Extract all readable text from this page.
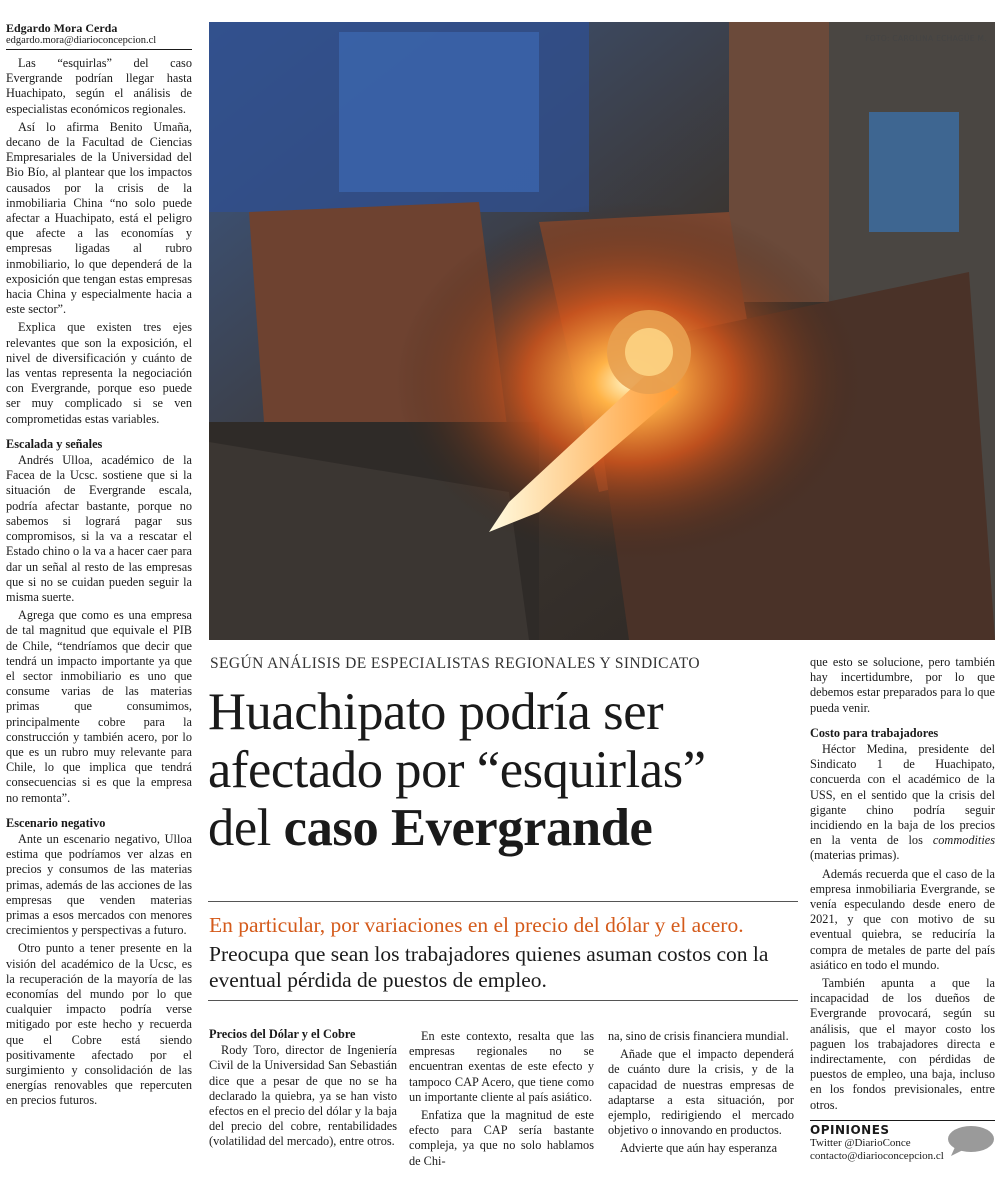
Edgardo Mora Cerda
edgardo.mora@diarioconcepcion.cl

Las “esquirlas” del caso Evergrande podrían llegar hasta Huachipato, según el análisis de especialistas económicos regionales.

Así lo afirma Benito Umaña, decano de la Facultad de Ciencias Empresariales de la Universidad del Bio Bío, al plantear que los impactos causados por la crisis de la inmobiliaria China “no solo puede afectar a Huachipato, está el peligro que afecte a las economías y empresas ligadas al rubro inmobiliario, lo que dependerá de la exposición que tengan estas empresas hacia China y especialmente hacia a este sector”.

Explica que existen tres ejes relevantes que son la exposición, el nivel de diversificación y cuánto de las ventas representa la negociación con Evergrande, porque eso puede ser muy complicado si se ven comprometidas estas variables.

Escalada y señales

Andrés Ulloa, académico de la Facea de la Ucsc. sostiene que si la situación de Evergrande escala, podría afectar bastante, porque no sabemos si logrará pagar sus compromisos, si la va a rescatar el Estado chino o la va a hacer caer para dar un señal al resto de las empresas que si no se cuidan pueden seguir la misma suerte.

Agrega que como es una empresa de tal magnitud que equivale el PIB de Chile, “tendríamos que decir que tendrá un impacto importante ya que el sector inmobiliario es uno que consume varias de las materias primas que consumimos, principalmente cobre para la construcción y también acero, por lo que es un rubro muy relevante para Chile, lo que implica que tendrá consecuencias si es que la empresa no remonta”.

Escenario negativo

Ante un escenario negativo, Ulloa estima que podríamos ver alzas en precios y consumos de las materias primas, además de las acciones de las empresas que venden materias primas a esos mercados con menores crecimientos y perspectivas a futuro.

Otro punto a tener presente en la visión del académico de la Ucsc, es la recuperación de la mayoría de las economías del mundo por lo que cualquier impacto podría verse mitigado por este hecho y recuerda que el Cobre está siendo positivamente afectado por el surgimiento y consolidación de las energías renovables que repercuten en precios futuros.

FOTO: CAROLINA ECHAGÜE M.
SEGÚN ANÁLISIS DE ESPECIALISTAS REGIONALES Y SINDICATO
Huachipato podría ser
afectado por “esquirlas”
del caso Evergrande
En particular, por variaciones en el precio del dólar y el acero.
Preocupa que sean los trabajadores quienes asuman costos con la eventual pérdida de puestos de empleo.
Precios del Dólar y el Cobre

Rody Toro, director de Ingeniería Civil de la Universidad San Sebastián dice que a pesar de que no se ha declarado la quiebra, ya se han visto efectos en el precio del dólar y la baja del precio del cobre, rentabilidades (volatilidad del mercado), entre otros.

En este contexto, resalta que las empresas regionales no se encuentran exentas de este efecto y tampoco CAP Acero, que tiene como un importante cliente al país asiático.

Enfatiza que la magnitud de este efecto para CAP sería bastante compleja, ya que no solo hablamos de Chi-

na, sino de crisis financiera mundial.

Añade que el impacto dependerá de cuánto dure la crisis, y de la capacidad de nuestras empresas de adaptarse a esta situación, por ejemplo, redirigiendo el mercado objetivo o innovando en productos.

Advierte que aún hay esperanza

que esto se solucione, pero también hay incertidumbre, por lo que debemos estar preparados para lo que pueda venir.

Costo para trabajadores

Héctor Medina, presidente del Sindicato 1 de Huachipato, concuerda con el académico de la USS, en el sentido que la crisis del gigante chino podría seguir incidiendo en la baja de los precios en la venta de los commodities (materias primas).

Además recuerda que el caso de la empresa inmobiliaria Evergrande, se venía especulando desde enero de 2021, y que con motivo de su eventual quiebra, se reduciría la compra de metales de parte del país asiático en todo el mundo.

También apunta a que la incapacidad de los dueños de Evergrande provocará, según su análisis, que el mayor costo los paguen los trabajadores directa e indirectamente, con pérdidas de puestos de empleo, una baja, incluso en los fondos previsionales, entre otros.

OPINIONES
Twitter @DiarioConce
contacto@diarioconcepcion.cl
